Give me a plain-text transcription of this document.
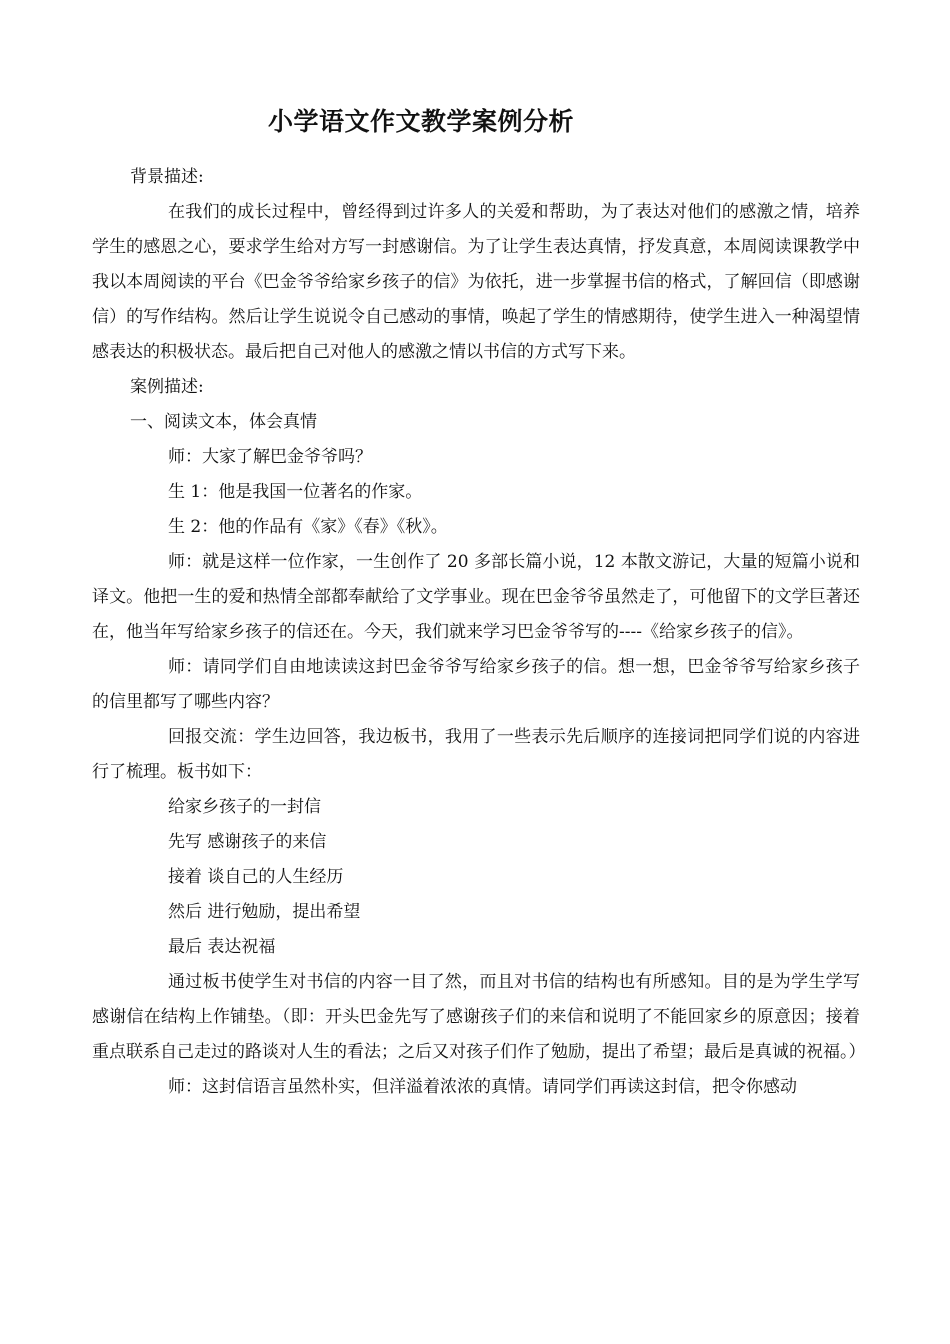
小学语文作文教学案例分析

背景描述:

在我们的成长过程中，曾经得到过许多人的关爱和帮助，为了表达对他们的感激之情，培养学生的感恩之心，要求学生给对方写一封感谢信。为了让学生表达真情，抒发真意，本周阅读课教学中我以本周阅读的平台《巴金爷爷给家乡孩子的信》为依托，进一步掌握书信的格式，了解回信（即感谢信）的写作结构。然后让学生说说令自己感动的事情，唤起了学生的情感期待，使学生进入一种渴望情感表达的积极状态。最后把自己对他人的感激之情以书信的方式写下来。

案例描述:

一、阅读文本，体会真情

师：大家了解巴金爷爷吗？

生 1：他是我国一位著名的作家。

生 2：他的作品有《家》《春》《秋》。

师：就是这样一位作家，一生创作了 20 多部长篇小说，12 本散文游记，大量的短篇小说和译文。他把一生的爱和热情全部都奉献给了文学事业。现在巴金爷爷虽然走了，可他留下的文学巨著还在，他当年写给家乡孩子的信还在。今天，我们就来学习巴金爷爷写的----《给家乡孩子的信》。

师：请同学们自由地读读这封巴金爷爷写给家乡孩子的信。想一想，巴金爷爷写给家乡孩子的信里都写了哪些内容？

回报交流：学生边回答，我边板书，我用了一些表示先后顺序的连接词把同学们说的内容进行了梳理。板书如下：

给家乡孩子的一封信

先写 感谢孩子的来信

接着 谈自己的人生经历

然后 进行勉励，提出希望

最后 表达祝福

通过板书使学生对书信的内容一目了然，而且对书信的结构也有所感知。目的是为学生学写感谢信在结构上作铺垫。（即：开头巴金先写了感谢孩子们的来信和说明了不能回家乡的原意因；接着重点联系自己走过的路谈对人生的看法；之后又对孩子们作了勉励，提出了希望；最后是真诚的祝福。）

师：这封信语言虽然朴实，但洋溢着浓浓的真情。请同学们再读这封信，把令你感动
